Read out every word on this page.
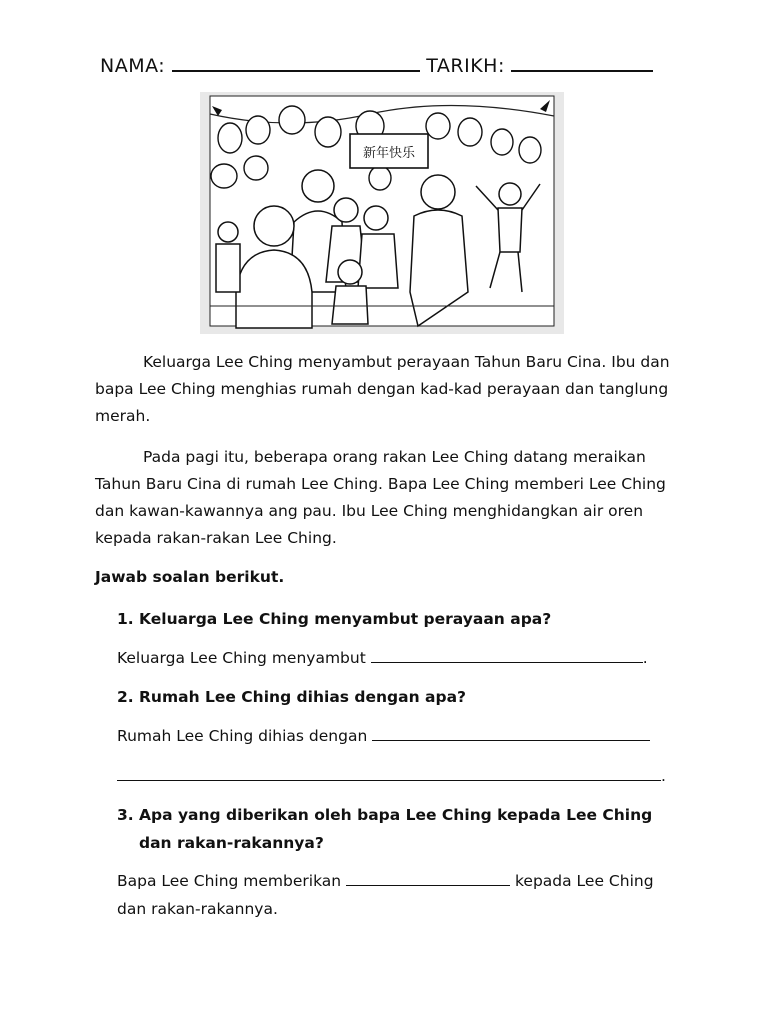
NAMA:	TARIKH:
新年快乐
Keluarga Lee Ching menyambut perayaan Tahun Baru Cina. Ibu dan bapa Lee Ching menghias rumah dengan kad-kad perayaan dan tanglung merah.
Pada pagi itu, beberapa orang rakan Lee Ching datang meraikan Tahun Baru Cina di rumah Lee Ching. Bapa Lee Ching memberi Lee Ching dan kawan-kawannya ang pau. Ibu Lee Ching menghidangkan air oren kepada rakan-rakan Lee Ching.
Jawab soalan berikut.
1. Keluarga Lee Ching menyambut perayaan apa?
Keluarga Lee Ching menyambut	.
2. Rumah Lee Ching dihias dengan apa?
Rumah Lee Ching dihias dengan
.
3. Apa yang diberikan oleh bapa Lee Ching kepada Lee Ching
dan rakan-rakannya?
Bapa Lee Ching memberikan	kepada Lee Ching
dan rakan-rakannya.
